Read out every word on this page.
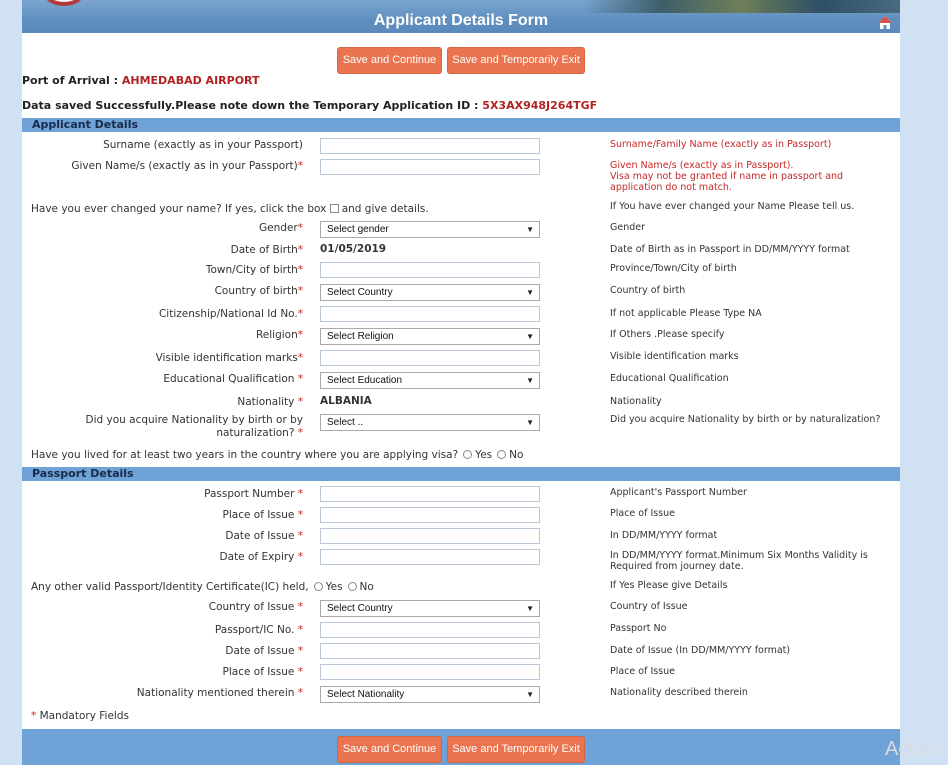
Applicant Details Form
Save and Continue	Save and Temporarily Exit
Port of Arrival : AHMEDABAD AIRPORT
Data saved Successfully.Please note down the Temporary Application ID : 5X3AX948J264TGF
Applicant Details
Surname (exactly as in your Passport)	Surname/Family Name (exactly as in Passport)
Given Name/s (exactly as in your Passport)*	Given Name/s (exactly as in Passport).
Visa may not be granted if name in passport and application do not match.
Have you ever changed your name? If yes, click the box and give details.	If You have ever changed your Name Please tell us.
Gender*	Select gender	▼	Gender
Date of Birth* 01/05/2019	Date of Birth as in Passport in DD/MM/YYYY format
Town/City of birth*	Province/Town/City of birth
Country of birth*	Select Country	▼	Country of birth
Citizenship/National Id No.*	If not applicable Please Type NA
Religion*	Select Religion	▼	If Others .Please specify
Visible identification marks*	Visible identification marks
Educational Qualification *	Select Education	▼	Educational Qualification
Nationality * ALBANIA	Nationality
Did you acquire Nationality by birth or by naturalization? *
Select ..	▼	Did you acquire Nationality by birth or by naturalization?
Have you lived for at least two years in the country where you are applying visa? Yes No
Passport Details
Passport Number *	Applicant's Passport Number
Place of Issue *	Place of Issue
Date of Issue *	In DD/MM/YYYY format
Date of Expiry *	In DD/MM/YYYY format.Minimum Six Months Validity is Required from journey date.
Any other valid Passport/Identity Certificate(IC) held, Yes No	If Yes Please give Details
Country of Issue *	Select Country	▼	Country of Issue
Passport/IC No. *	Passport No
Date of Issue *	Date of Issue (In DD/MM/YYYY format)
Place of Issue *	Place of Issue
Nationality mentioned therein *	Select Nationality	▼	Nationality described therein
* Mandatory Fields
Save and Continue	Save and Temporarily Exit	Activa
